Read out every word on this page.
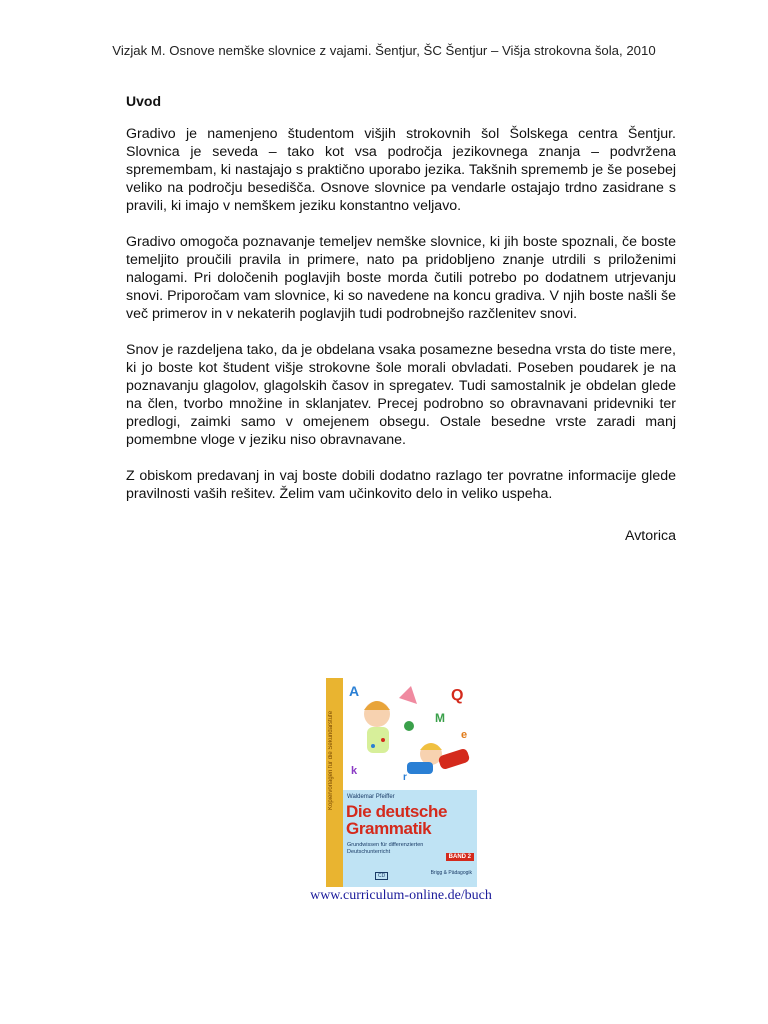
Vizjak M. Osnove nemške slovnice z vajami. Šentjur, ŠC Šentjur – Višja strokovna šola, 2010
Uvod

Gradivo je namenjeno študentom višjih strokovnih šol Šolskega centra Šentjur. Slovnica je seveda – tako kot vsa področja jezikovnega znanja – podvržena spremembam, ki nastajajo s praktično uporabo jezika. Takšnih sprememb je še posebej veliko na področju besedišča. Osnove slovnice pa vendarle ostajajo trdno zasidrane s pravili, ki imajo v nemškem jeziku konstantno veljavo.

Gradivo omogoča poznavanje temeljev nemške slovnice, ki jih boste spoznali, če boste temeljito proučili pravila in primere, nato pa pridobljeno znanje utrdili s priloženimi nalogami. Pri določenih poglavjih boste morda čutili potrebo po dodatnem utrjevanju snovi. Priporočam vam slovnice, ki so navedene na koncu gradiva. V njih boste našli še več primerov in v nekaterih poglavjih tudi podrobnejšo razčlenitev snovi.

Snov je razdeljena tako, da je obdelana vsaka posamezne besedna vrsta do tiste mere, ki jo boste kot študent višje strokovne šole morali obvladati. Poseben poudarek je na poznavanju glagolov, glagolskih časov in spregatev. Tudi samostalnik je obdelan glede na člen, tvorbo množine in sklanjatev. Precej podrobno so obravnavani pridevniki ter predlogi, zaimki samo v omejenem obsegu. Ostale besedne vrste zaradi manj pomembne vloge v jeziku niso obravnavane.

Z obiskom predavanj in vaj boste dobili dodatno razlago ter povratne informacije glede pravilnosti vaših rešitev. Želim vam učinkovito delo in veliko uspeha.

Avtorica
Kopiervorlagen für die Sekundarstufe
A	Q
M
e
k
r
Waldemar Pfeiffer
Die deutsche
Grammatik
Grundwissen für differenzierten Deutschunterricht
BAND 2
CD	Brigg & Pädagogik
www.curriculum-online.de/buch
